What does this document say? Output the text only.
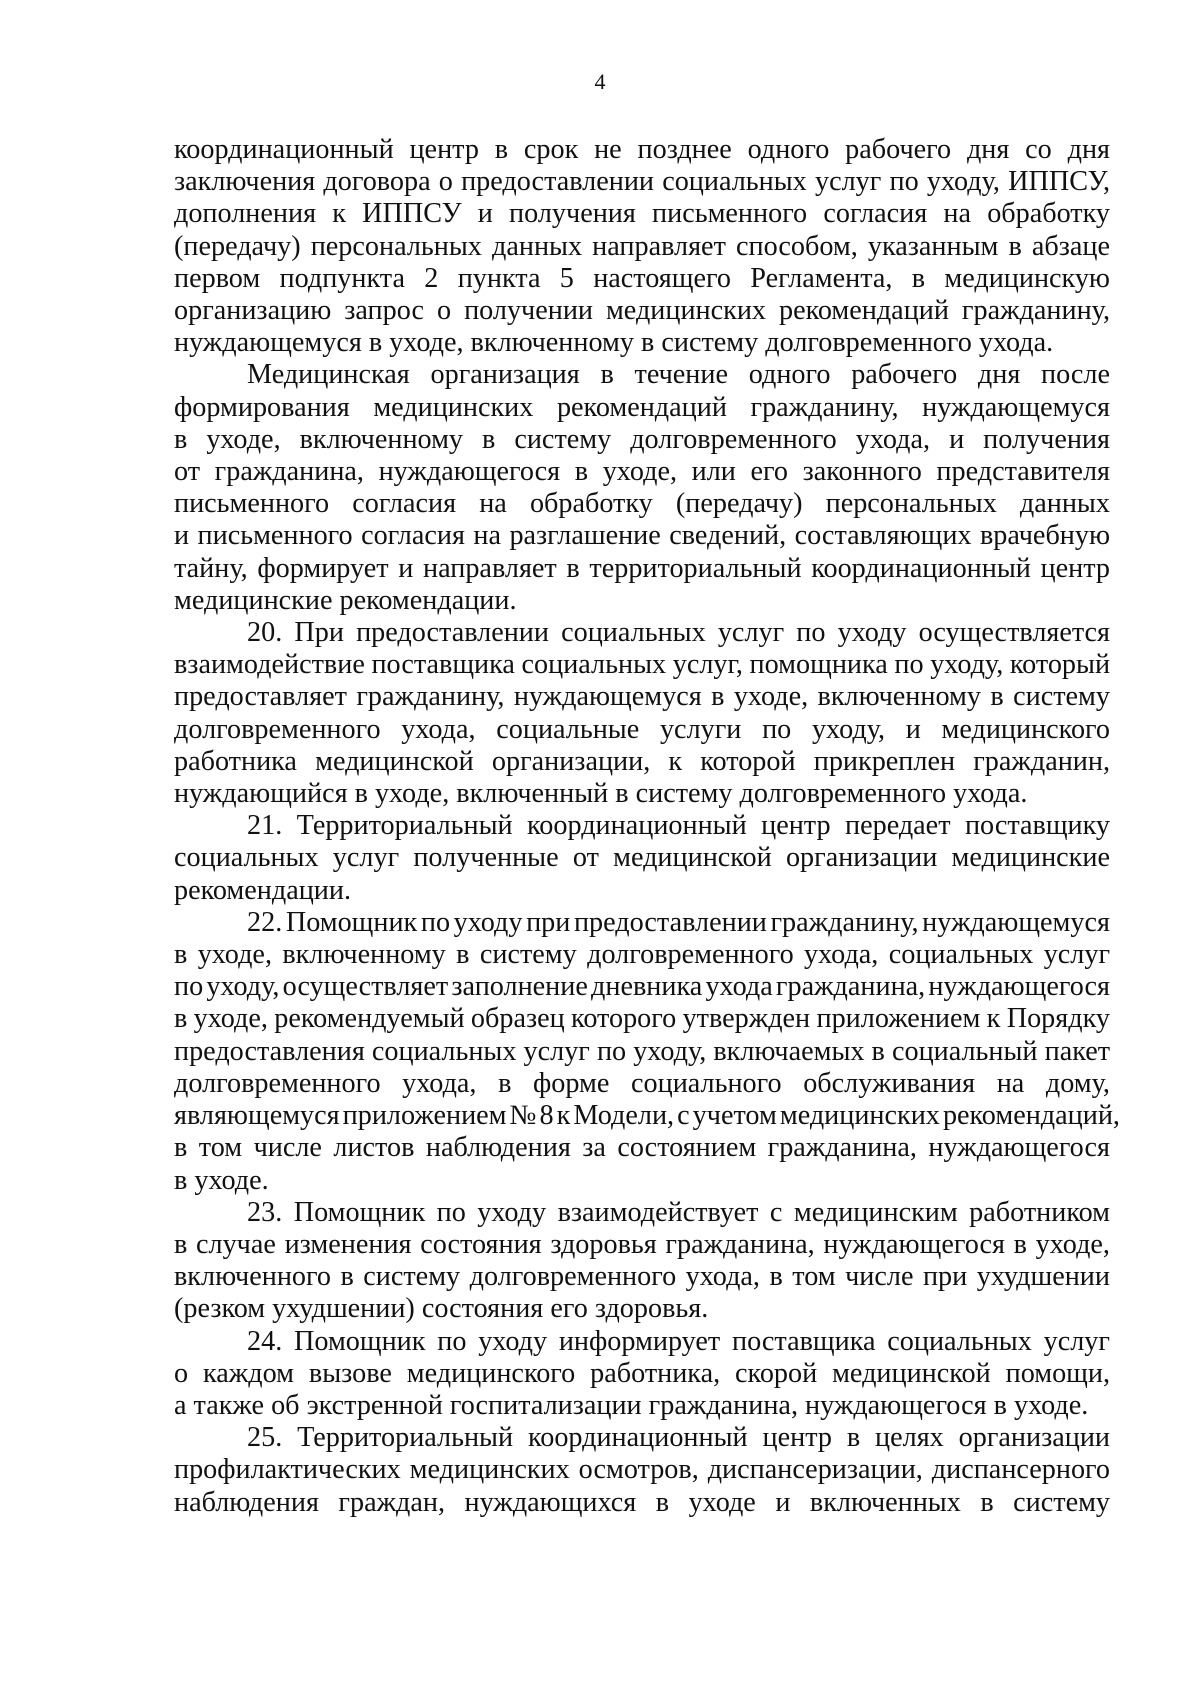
4
координационный центр в срок не позднее одного рабочего дня со дня
заключения договора о предоставлении социальных услуг по уходу, ИППСУ,
дополнения к ИППСУ и получения письменного согласия на обработку
(передачу) персональных данных направляет способом, указанным в абзаце
первом подпункта 2 пункта 5 настоящего Регламента, в медицинскую
организацию запрос о получении медицинских рекомендаций гражданину,
нуждающемуся в уходе, включенному в систему долговременного ухода.
Медицинская организация в течение одного рабочего дня после
формирования медицинских рекомендаций гражданину, нуждающемуся
в уходе, включенному в систему долговременного ухода, и получения
от гражданина, нуждающегося в уходе, или его законного представителя
письменного согласия на обработку (передачу) персональных данных
и письменного согласия на разглашение сведений, составляющих врачебную
тайну, формирует и направляет в территориальный координационный центр
медицинские рекомендации.
20. При предоставлении социальных услуг по уходу осуществляется
взаимодействие поставщика социальных услуг, помощника по уходу, который
предоставляет гражданину, нуждающемуся в уходе, включенному в систему
долговременного ухода, социальные услуги по уходу, и медицинского
работника медицинской организации, к которой прикреплен гражданин,
нуждающийся в уходе, включенный в систему долговременного ухода.
21. Территориальный координационный центр передает поставщику
социальных услуг полученные от медицинской организации медицинские
рекомендации.
22. Помощник по уходу при предоставлении гражданину, нуждающемуся
в уходе, включенному в систему долговременного ухода, социальных услуг
по уходу, осуществляет заполнение дневника ухода гражданина, нуждающегося
в уходе, рекомендуемый образец которого утвержден приложением к Порядку
предоставления социальных услуг по уходу, включаемых в социальный пакет
долговременного ухода, в форме социального обслуживания на дому,
являющемуся приложением № 8 к Модели, с учетом медицинских рекомендаций,
в том числе листов наблюдения за состоянием гражданина, нуждающегося
в уходе.
23. Помощник по уходу взаимодействует с медицинским работником
в случае изменения состояния здоровья гражданина, нуждающегося в уходе,
включенного в систему долговременного ухода, в том числе при ухудшении
(резком ухудшении) состояния его здоровья.
24. Помощник по уходу информирует поставщика социальных услуг
о каждом вызове медицинского работника, скорой медицинской помощи,
а также об экстренной госпитализации гражданина, нуждающегося в уходе.
25. Территориальный координационный центр в целях организации
профилактических медицинских осмотров, диспансеризации, диспансерного
наблюдения граждан, нуждающихся в уходе и включенных в систему
